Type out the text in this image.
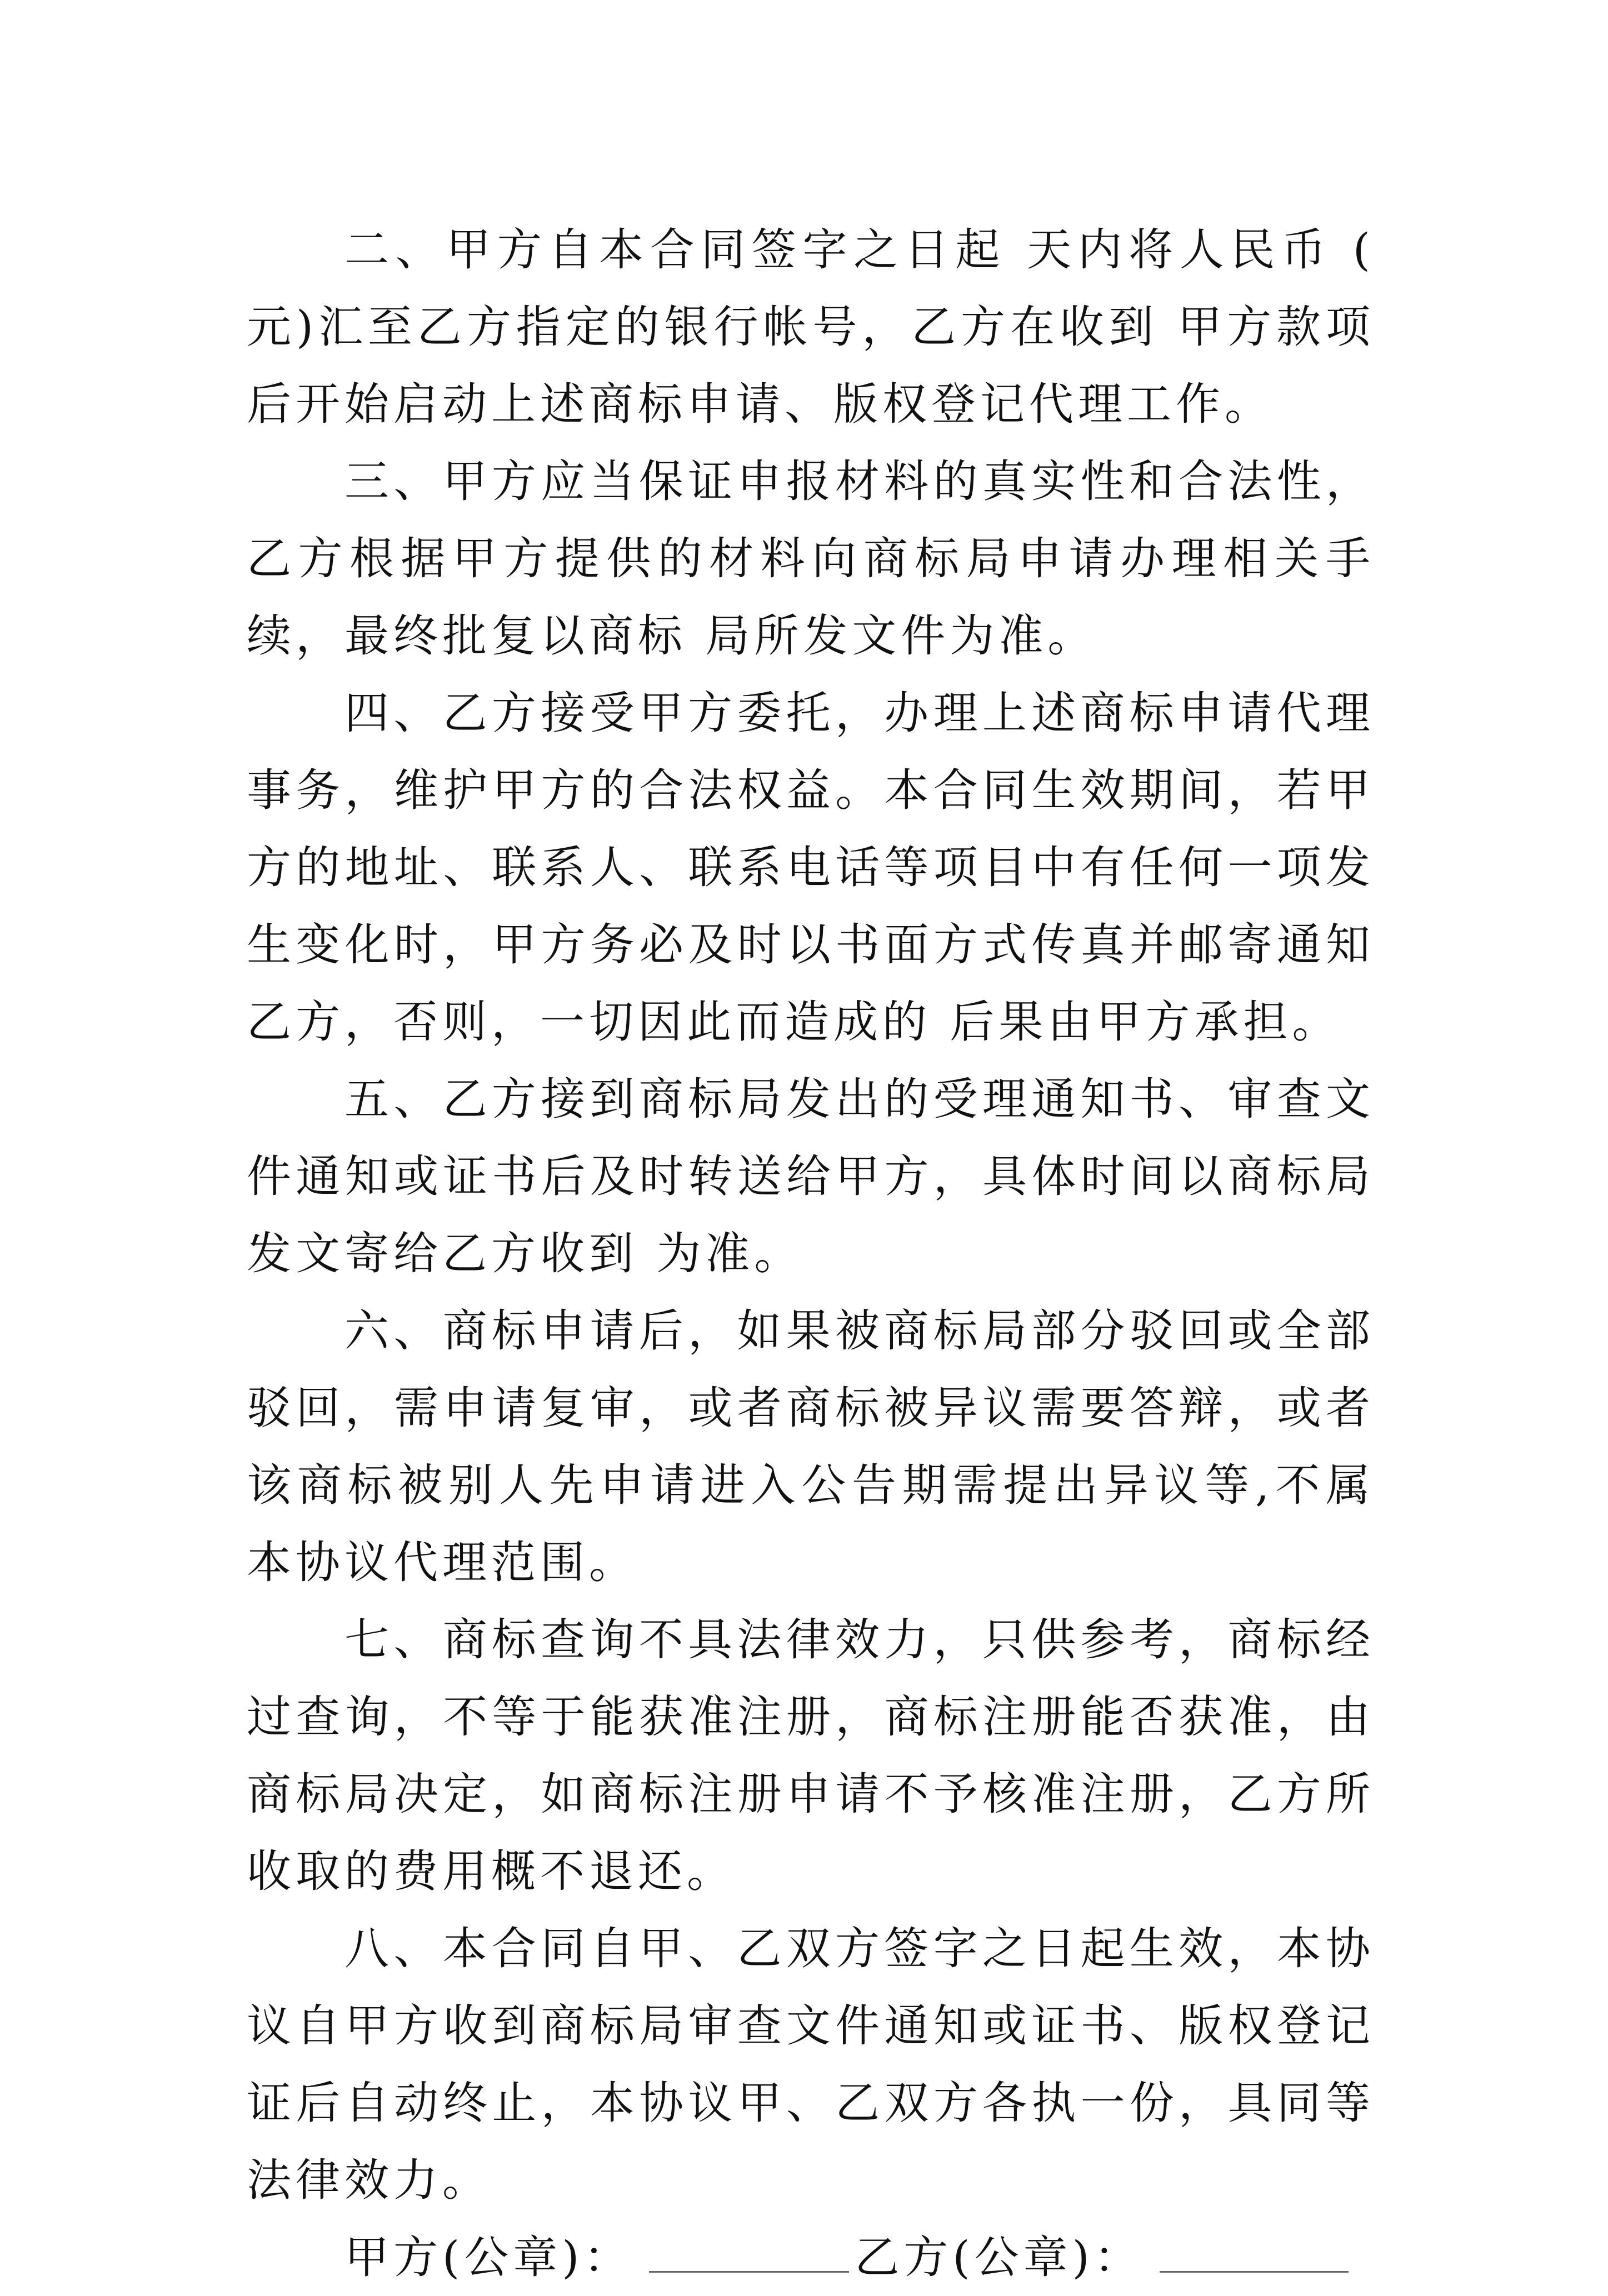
二、甲方自本合同签字之日起 天内将人民币 ( 元)汇至乙方指定的银行帐号，乙方在收到 甲方款项后开始启动上述商标申请、版权登记代理工作。

三、甲方应当保证申报材料的真实性和合法性，乙方根据甲方提供的材料向商标局申请办理相关手续，最终批复以商标 局所发文件为准。

四、乙方接受甲方委托，办理上述商标申请代理事务，维护甲方的合法权益。本合同生效期间，若甲方的地址、联系人、联系电话等项目中有任何一项发生变化时，甲方务必及时以书面方式传真并邮寄通知乙方，否则，一切因此而造成的 后果由甲方承担。

五、乙方接到商标局发出的受理通知书、审查文件通知或证书后及时转送给甲方，具体时间以商标局发文寄给乙方收到 为准。

六、商标申请后，如果被商标局部分驳回或全部驳回，需申请复审，或者商标被异议需要答辩，或者该商标被别人先申请进入公告期需提出异议等,不属本协议代理范围。

七、商标查询不具法律效力，只供参考，商标经过查询，不等于能获准注册，商标注册能否获准，由商标局决定，如商标注册申请不予核准注册，乙方所收取的费用概不退还。

八、本合同自甲、乙双方签字之日起生效，本协议自甲方收到商标局审查文件通知或证书、版权登记证后自动终止，本协议甲、乙双方各执一份，具同等法律效力。

甲方(公章)：	乙方(公章)：
